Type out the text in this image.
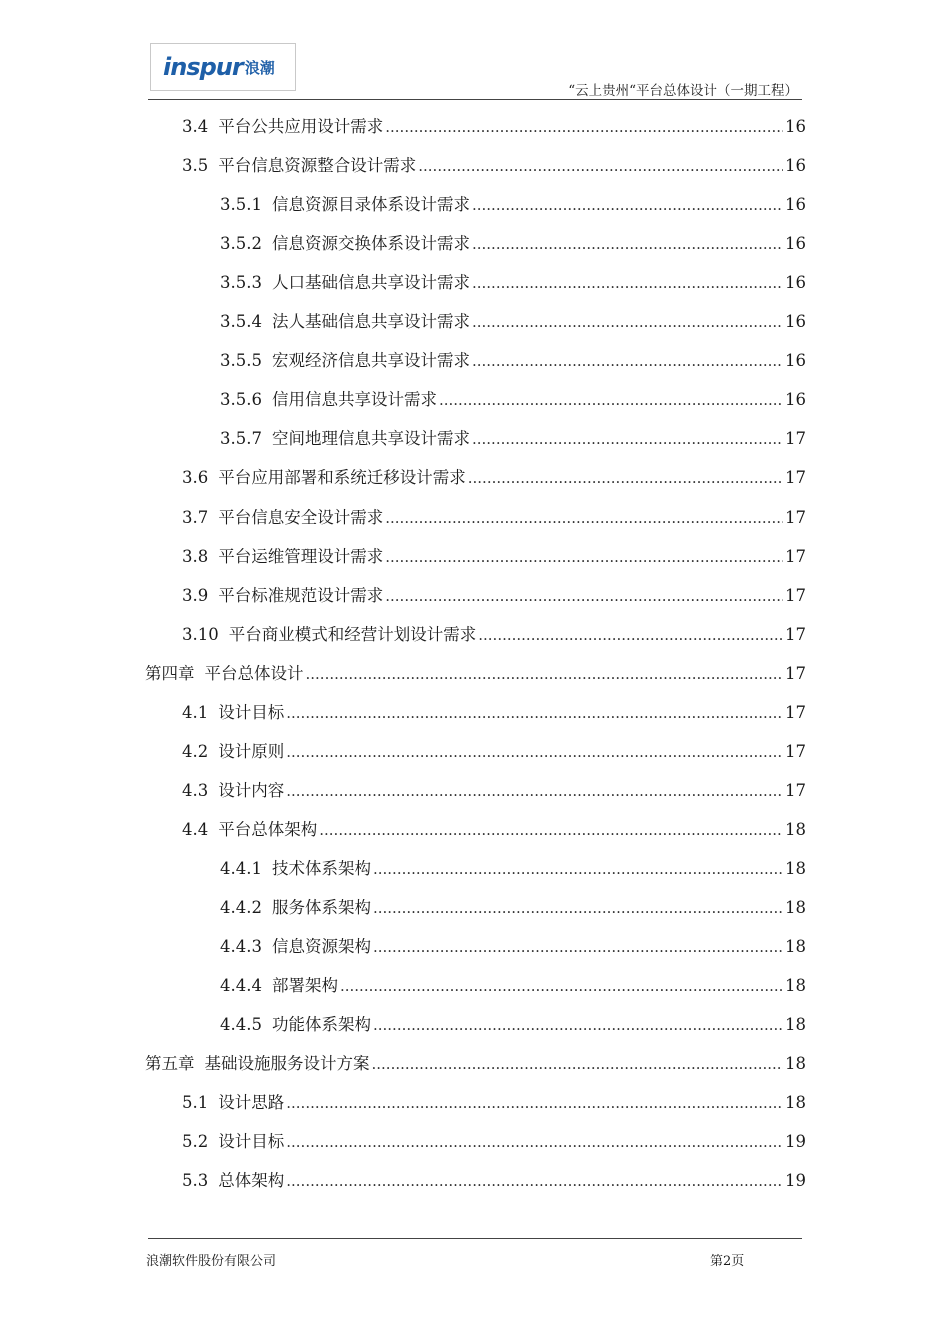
inspur 浪潮
“云上贵州“平台总体设计（一期工程）
3.4 平台公共应用设计需求 .....	16
3.5 平台信息资源整合设计需求 .....	16
3.5.1 信息资源目录体系设计需求 .....	16
3.5.2 信息资源交换体系设计需求 .....	16
3.5.3 人口基础信息共享设计需求 .....	16
3.5.4 法人基础信息共享设计需求 .....	16
3.5.5 宏观经济信息共享设计需求 .....	16
3.5.6 信用信息共享设计需求 .....	16
3.5.7 空间地理信息共享设计需求 .....	17
3.6 平台应用部署和系统迁移设计需求 .....	17
3.7 平台信息安全设计需求 .....	17
3.8 平台运维管理设计需求 .....	17
3.9 平台标准规范设计需求 .....	17
3.10 平台商业模式和经营计划设计需求 .....	17
第四章 平台总体设计 .....	17
4.1 设计目标 .....	17
4.2 设计原则 .....	17
4.3 设计内容 .....	17
4.4 平台总体架构 .....	18
4.4.1 技术体系架构 .....	18
4.4.2 服务体系架构 .....	18
4.4.3 信息资源架构 .....	18
4.4.4 部署架构 .....	18
4.4.5 功能体系架构 .....	18
第五章 基础设施服务设计方案 .....	18
5.1 设计思路 .....	18
5.2 设计目标 .....	19
5.3 总体架构 .....	19
浪潮软件股份有限公司	第2页
